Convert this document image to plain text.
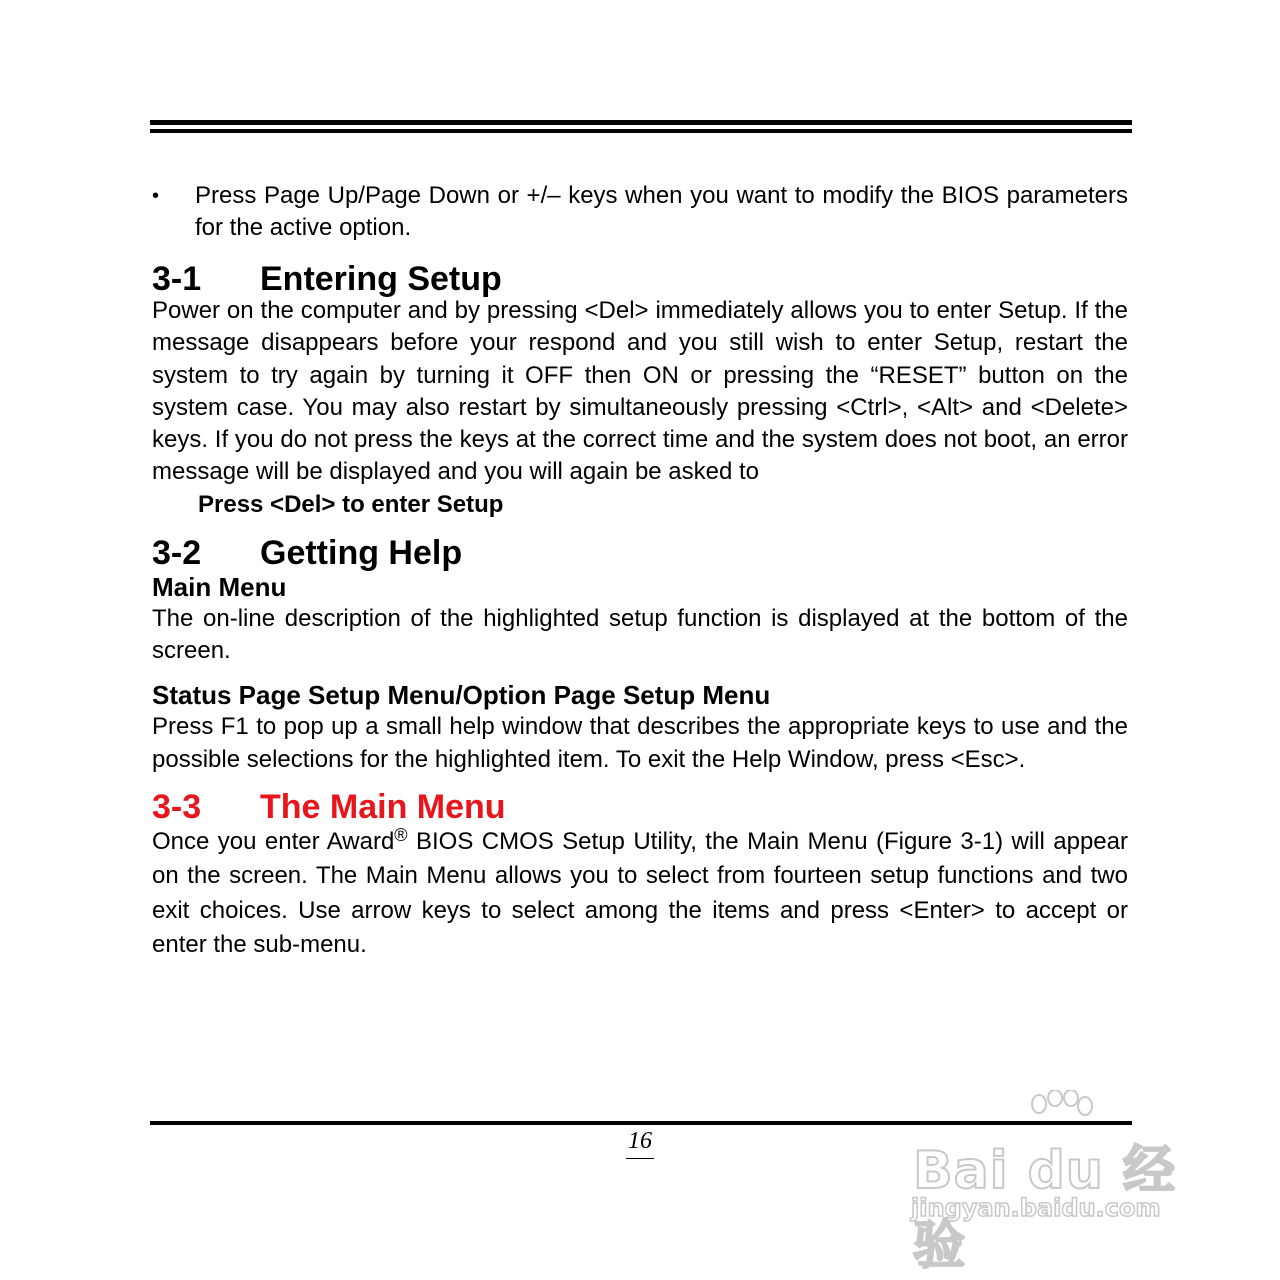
• Press Page Up/Page Down or +/– keys when you want to modify the BIOS parameters for the active option.
3-1	Entering Setup

Power on the computer and by pressing <Del> immediately allows you to enter Setup. If the message disappears before your respond and you still wish to enter Setup, restart the system to try again by turning it OFF then ON or pressing the “RESET” button on the system case. You may also restart by simultaneously pressing <Ctrl>, <Alt> and <Delete> keys. If you do not press the keys at the correct time and the system does not boot, an error message will be displayed and you will again be asked to

Press <Del> to enter Setup

3-2	Getting Help
Main Menu

The on-line description of the highlighted setup function is displayed at the bottom of the screen.

Status Page Setup Menu/Option Page Setup Menu

Press F1 to pop up a small help window that describes the appropriate keys to use and the possible selections for the highlighted item. To exit the Help Window, press <Esc>.

3-3	The Main Menu

Once you enter Award® BIOS CMOS Setup Utility, the Main Menu (Figure 3-1) will appear on the screen. The Main Menu allows you to select from fourteen setup functions and two exit choices. Use arrow keys to select among the items and press <Enter> to accept or enter the sub-menu.

16	Bai du 经验
jingyan.baidu.com
